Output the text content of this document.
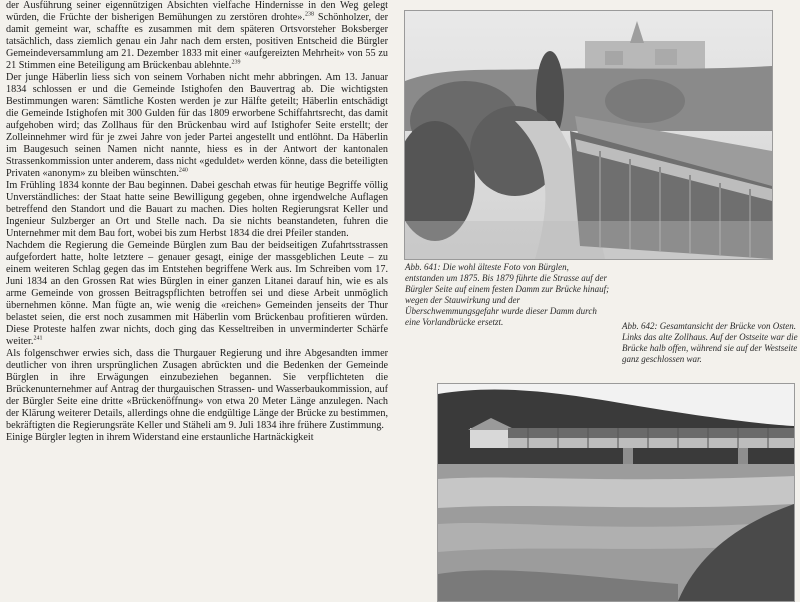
der Ausführung seiner eigennützigen Absichten vielfache Hindernisse in den Weg gelegt würden, die Früchte der bisherigen Bemühungen zu zerstören drohte».$^{238}$ Schönholzer, der damit gemeint war, schaffte es zusammen mit dem späteren Ortsvorsteher Boksberger tatsächlich, dass ziemlich genau ein Jahr nach dem ersten, positiven Entscheid die Bürgler Gemeindeversammlung am 21. Dezember 1833 mit einer «aufgereizten Mehrheit» von 55 zu 21 Stimmen eine Beteiligung am Brückenbau ablehnte.$^{239}$

Der junge Häberlin liess sich von seinem Vorhaben nicht mehr abbringen. Am 13. Januar 1834 schlossen er und die Gemeinde Istighofen den Bauvertrag ab. Die wichtigsten Bestimmungen waren: Sämtliche Kosten werden je zur Hälfte geteilt; Häberlin entschädigt die Gemeinde Istighofen mit 300 Gulden für das 1809 erworbene Schiffahrtsrecht, das damit aufgehoben wird; das Zollhaus für den Brückenbau wird auf Istighofer Seite erstellt; der Zolleinnehmer wird für je zwei Jahre von jeder Partei angestellt und entlöhnt. Da Häberlin im Baugesuch seinen Namen nicht nannte, hiess es in der Antwort der kantonalen Strassenkommission unter anderem, dass nicht «geduldet» werden könne, dass die beteiligten Privaten «anonym» zu bleiben wünschten.$^{240}$

Im Frühling 1834 konnte der Bau beginnen. Dabei geschah etwas für heutige Begriffe völlig Unverständliches: der Staat hatte seine Bewilligung gegeben, ohne irgendwelche Auflagen betreffend den Standort und die Bauart zu machen. Dies holten Regierungsrat Keller und Ingenieur Sulzberger an Ort und Stelle nach. Da sie nichts beanstandeten, fuhren die Unternehmer mit dem Bau fort, wobei bis zum Herbst 1834 die drei Pfeiler standen.

Nachdem die Regierung die Gemeinde Bürglen zum Bau der beidseitigen Zufahrtsstrassen aufgefordert hatte, holte letztere – genauer gesagt, einige der massgeblichen Leute – zu einem weiteren Schlag gegen das im Entstehen begriffene Werk aus. Im Schreiben vom 17. Juni 1834 an den Grossen Rat wies Bürglen in einer ganzen Litanei darauf hin, wie es als arme Gemeinde von grossen Beitragspflichten betroffen sei und diese Arbeit unmöglich übernehmen könne. Man fügte an, wie wenig die «reichen» Gemeinden jenseits der Thur belastet seien, die erst noch zusammen mit Häberlin vom Brückenbau profitieren würden. Diese Proteste halfen zwar nichts, doch ging das Kesseltreiben in unverminderter Schärfe weiter.$^{241}$

Als folgenschwer erwies sich, dass die Thurgauer Regierung und ihre Abgesandten immer deutlicher von ihren ursprünglichen Zusagen abrückten und die Bedenken der Gemeinde Bürglen in ihre Erwägungen einzubeziehen begannen. Sie verpflichteten die Brückenunternehmer auf Antrag der thurgauischen Strassen- und Wasserbaukommission, auf der Bürgler Seite eine dritte «Brückenöffnung» von etwa 20 Meter Länge anzulegen. Nach der Klärung weiterer Details, allerdings ohne die endgültige Länge der Brücke zu bestimmen, bekräftigten die Regierungsräte Keller und Stäheli am 9. Juli 1834 ihre frühere Zustimmung.

Einige Bürgler legten in ihrem Widerstand eine erstaunliche Hartnäckigkeit

Abb. 641: Die wohl älteste Foto von Bürglen, entstanden um 1875. Bis 1879 führte die Strasse auf der Bürgler Seite auf einem festen Damm zur Brücke hinauf; wegen der Stauwirkung und der Überschwemmungsgefahr wurde dieser Damm durch eine Vorlandbrücke ersetzt.	Abb. 642: Gesamtansicht der Brücke von Osten. Links das alte Zollhaus. Auf der Ostseite war die Brücke halb offen, während sie auf der Westseite ganz geschlossen war.
